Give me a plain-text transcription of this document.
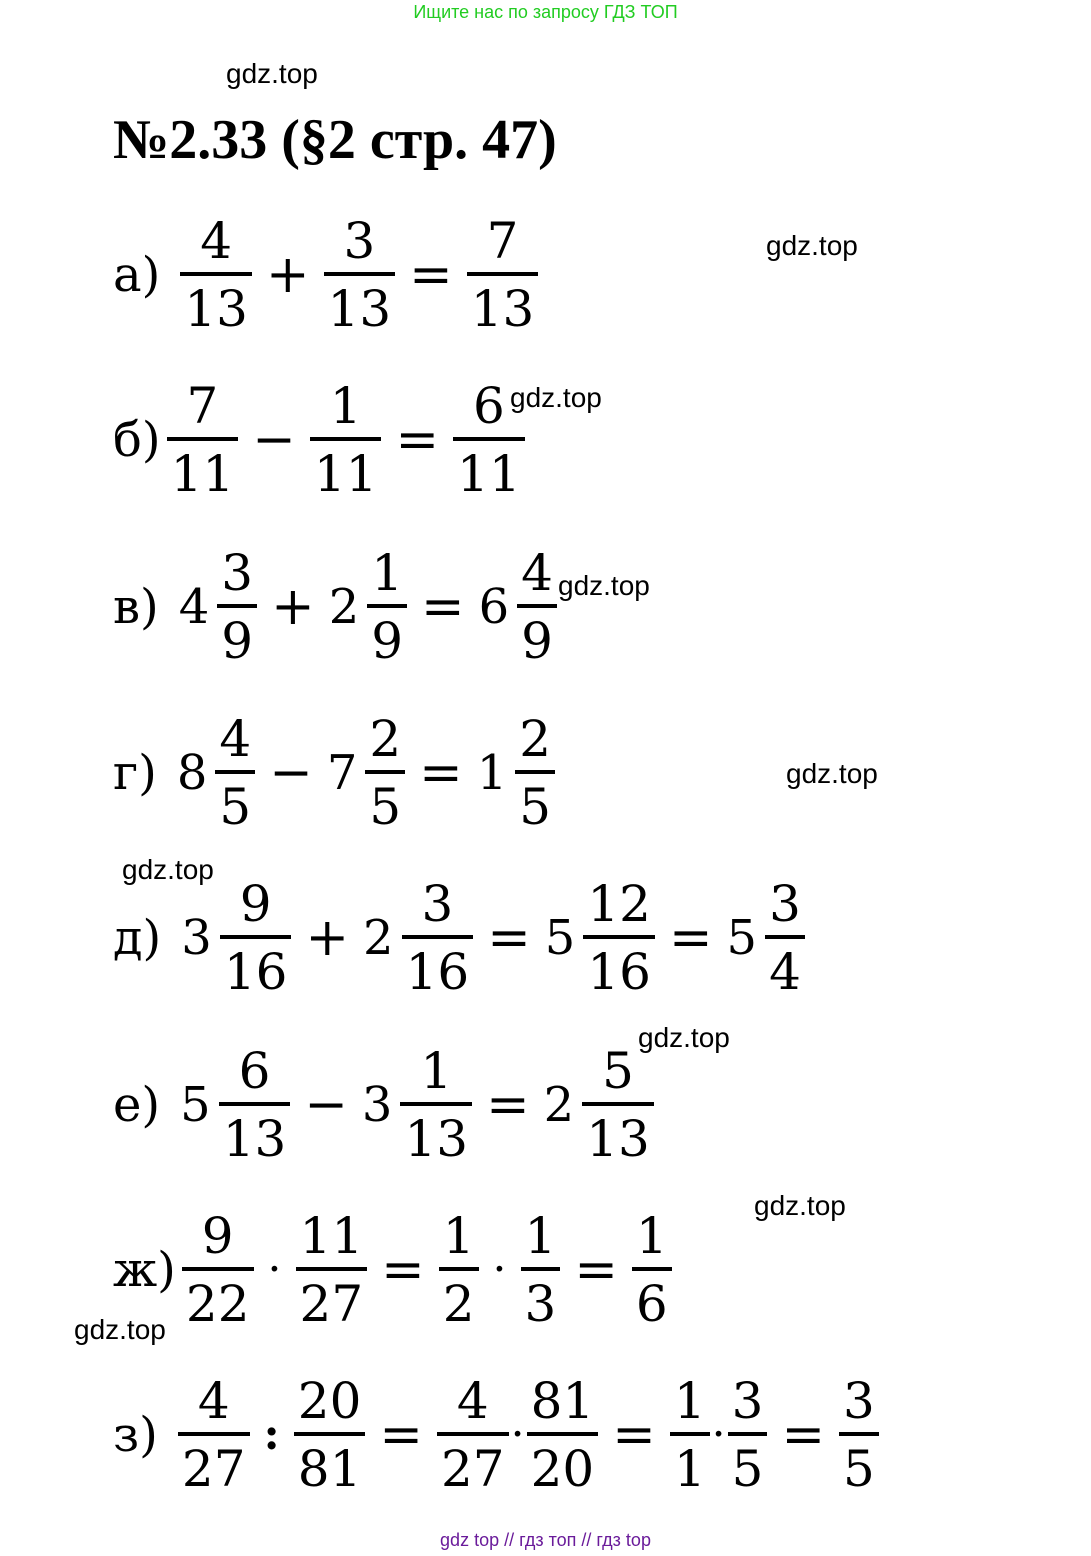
Ищите нас по запросу ГДЗ ТОП
gdz.top
gdz.top
gdz.top
gdz.top
gdz.top
gdz.top
gdz.top
gdz.top
gdz.top
№2.33 (§2 стр. 47)
$а) \frac{4}{13} + \frac{3}{13} = \frac{7}{13}$
$б) \frac{7}{11} - \frac{1}{11} = \frac{6}{11}$
в) $4 \frac{3}{9} + 2 \frac{1}{9} = 6 \frac{4}{9}$
г) $8 \frac{4}{5} - 7 \frac{2}{5} = 1 \frac{2}{5}$
д) $3 \frac{9}{16} + 2 \frac{3}{16} = 5 \frac{12}{16} = 5 \frac{3}{4}$
е) $5 \frac{6}{13} - 3 \frac{1}{13} = 2 \frac{5}{13}$
$ж) \frac{9}{22} \cdot \frac{11}{27} = \frac{1}{2} \cdot \frac{1}{3} = \frac{1}{6}$
$з) \frac{4}{27}$ : $\frac{20}{81} = \frac{4}{27} \cdot \frac{81}{20} = \frac{1}{1} \cdot \frac{3}{5} = \frac{3}{5}$
gdz top // гдз топ // гдз top
